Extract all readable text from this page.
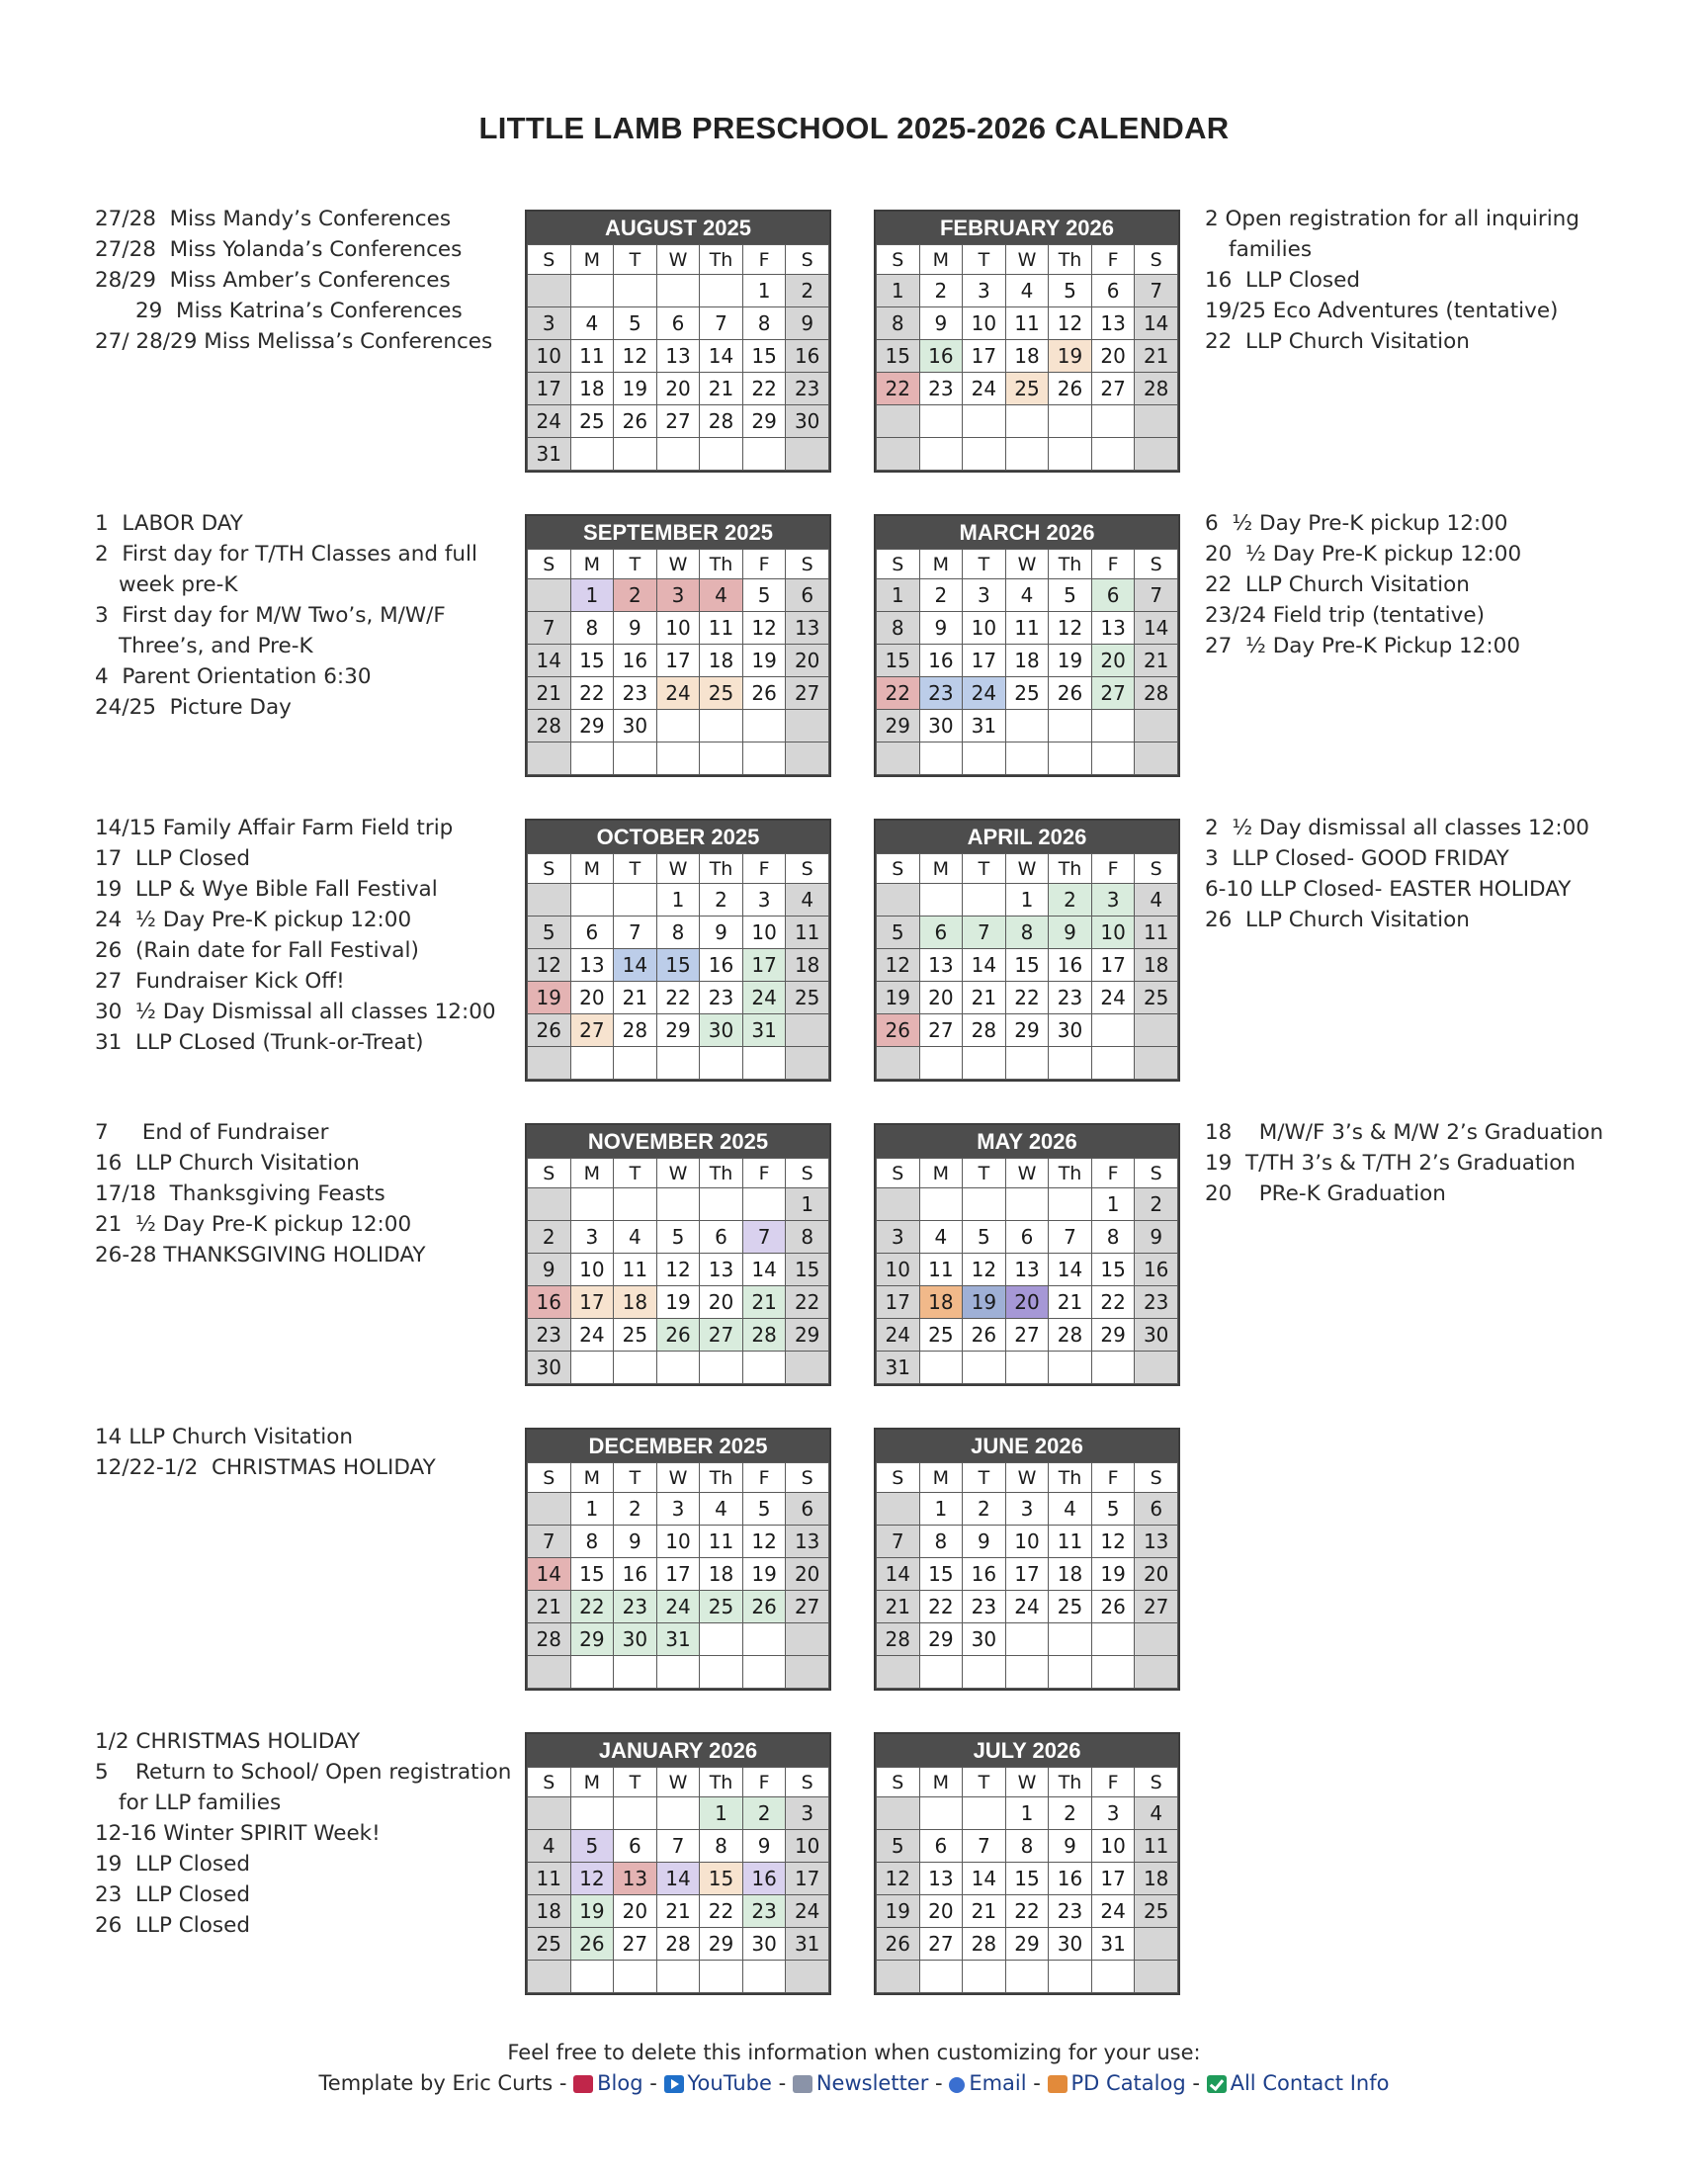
LITTLE LAMB PRESCHOOL 2025-2026 CALENDAR
27/28  Miss Mandy’s Conferences
27/28  Miss Yolanda’s Conferences
28/29  Miss Amber’s Conferences
29  Miss Katrina’s Conferences
27/ 28/29 Miss Melissa’s Conferences
2 Open registration for all inquiring
families
16  LLP Closed
19/25 Eco Adventures (tentative)
22  LLP Church Visitation
AUGUST 2025
S	M	T	W	Th	F	S
					1	2
3	4	5	6	7	8	9
10	11	12	13	14	15	16
17	18	19	20	21	22	23
24	25	26	27	28	29	30
31						
FEBRUARY 2026
S	M	T	W	Th	F	S
1	2	3	4	5	6	7
8	9	10	11	12	13	14
15	16	17	18	19	20	21
22	23	24	25	26	27	28

1  LABOR DAY
2  First day for T/TH Classes and full
week pre-K
3  First day for M/W Two’s, M/W/F
Three’s, and Pre-K
4  Parent Orientation 6:30
24/25  Picture Day
6  ½ Day Pre-K pickup 12:00
20  ½ Day Pre-K pickup 12:00
22  LLP Church Visitation
23/24 Field trip (tentative)
27  ½ Day Pre-K Pickup 12:00
SEPTEMBER 2025
S	M	T	W	Th	F	S
	1	2	3	4	5	6
7	8	9	10	11	12	13
14	15	16	17	18	19	20
21	22	23	24	25	26	27
28	29	30				

MARCH 2026
S	M	T	W	Th	F	S
1	2	3	4	5	6	7
8	9	10	11	12	13	14
15	16	17	18	19	20	21
22	23	24	25	26	27	28
29	30	31				

14/15 Family Affair Farm Field trip
17  LLP Closed
19  LLP & Wye Bible Fall Festival
24  ½ Day Pre-K pickup 12:00
26  (Rain date for Fall Festival)
27  Fundraiser Kick Off!
30  ½ Day Dismissal all classes 12:00
31  LLP CLosed (Trunk-or-Treat)
2  ½ Day dismissal all classes 12:00
3  LLP Closed- GOOD FRIDAY
6-10 LLP Closed- EASTER HOLIDAY
26  LLP Church Visitation
OCTOBER 2025
S	M	T	W	Th	F	S
			1	2	3	4
5	6	7	8	9	10	11
12	13	14	15	16	17	18
19	20	21	22	23	24	25
26	27	28	29	30	31	

APRIL 2026
S	M	T	W	Th	F	S
			1	2	3	4
5	6	7	8	9	10	11
12	13	14	15	16	17	18
19	20	21	22	23	24	25
26	27	28	29	30		

7     End of Fundraiser
16  LLP Church Visitation
17/18  Thanksgiving Feasts
21  ½ Day Pre-K pickup 12:00
26-28 THANKSGIVING HOLIDAY
18    M/W/F 3’s & M/W 2’s Graduation
19  T/TH 3’s & T/TH 2’s Graduation
20    PRe-K Graduation
NOVEMBER 2025
S	M	T	W	Th	F	S
						1
2	3	4	5	6	7	8
9	10	11	12	13	14	15
16	17	18	19	20	21	22
23	24	25	26	27	28	29
30						
MAY 2026
S	M	T	W	Th	F	S
					1	2
3	4	5	6	7	8	9
10	11	12	13	14	15	16
17	18	19	20	21	22	23
24	25	26	27	28	29	30
31						
14 LLP Church Visitation
12/22-1/2  CHRISTMAS HOLIDAY
DECEMBER 2025
S	M	T	W	Th	F	S
	1	2	3	4	5	6
7	8	9	10	11	12	13
14	15	16	17	18	19	20
21	22	23	24	25	26	27
28	29	30	31			

JUNE 2026
S	M	T	W	Th	F	S
	1	2	3	4	5	6
7	8	9	10	11	12	13
14	15	16	17	18	19	20
21	22	23	24	25	26	27
28	29	30				

1/2 CHRISTMAS HOLIDAY
5    Return to School/ Open registration
for LLP families
12-16 Winter SPIRIT Week!
19  LLP Closed
23  LLP Closed
26  LLP Closed
JANUARY 2026
S	M	T	W	Th	F	S
				1	2	3
4	5	6	7	8	9	10
11	12	13	14	15	16	17
18	19	20	21	22	23	24
25	26	27	28	29	30	31

JULY 2026
S	M	T	W	Th	F	S
			1	2	3	4
5	6	7	8	9	10	11
12	13	14	15	16	17	18
19	20	21	22	23	24	25
26	27	28	29	30	31	

Feel free to delete this information when customizing for your use:
Template by Eric Curts - Blog - YouTube - Newsletter - Email - PD Catalog - All Contact Info
